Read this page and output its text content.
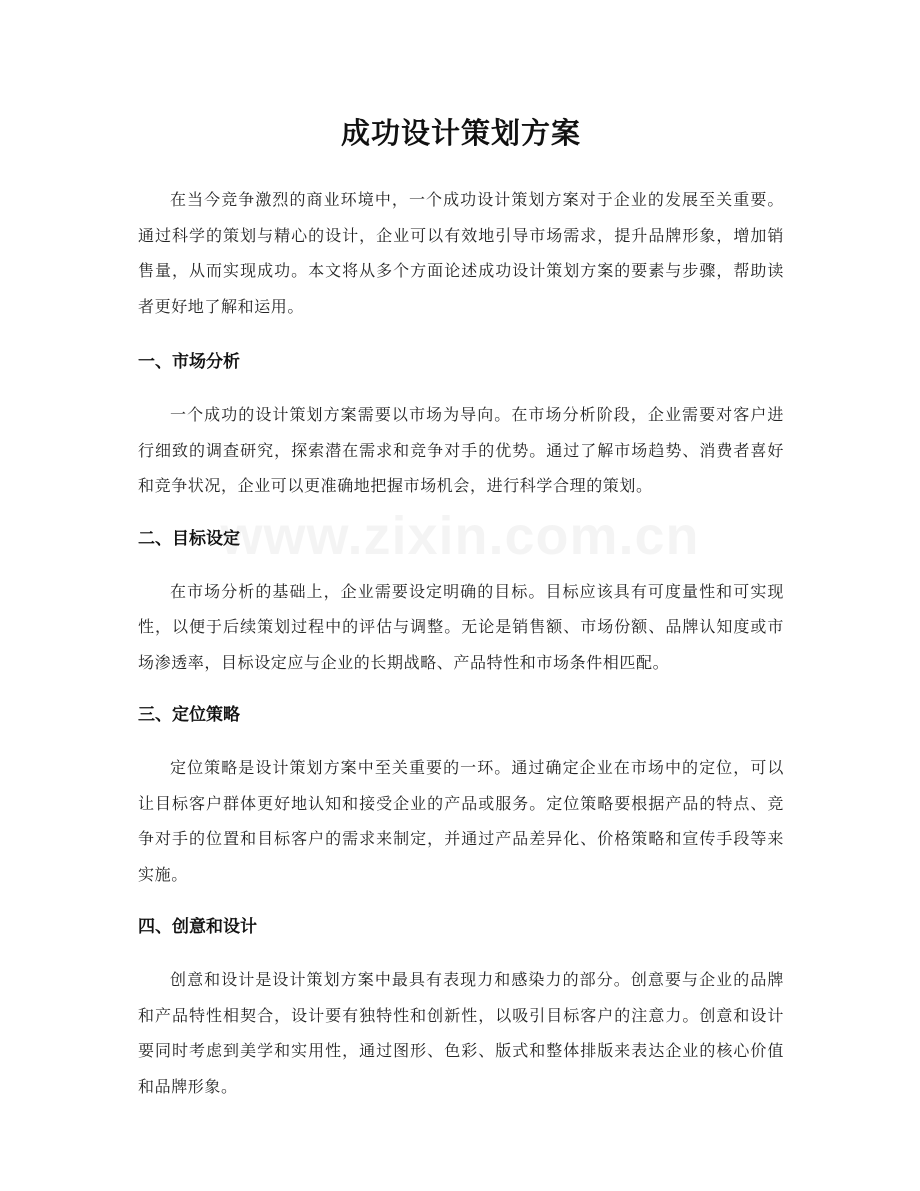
成功设计策划方案

在当今竞争激烈的商业环境中，一个成功设计策划方案对于企业的发展至关重要。通过科学的策划与精心的设计，企业可以有效地引导市场需求，提升品牌形象，增加销售量，从而实现成功。本文将从多个方面论述成功设计策划方案的要素与步骤，帮助读者更好地了解和运用。

一、市场分析

一个成功的设计策划方案需要以市场为导向。在市场分析阶段，企业需要对客户进行细致的调查研究，探索潜在需求和竞争对手的优势。通过了解市场趋势、消费者喜好和竞争状况，企业可以更准确地把握市场机会，进行科学合理的策划。

二、目标设定

在市场分析的基础上，企业需要设定明确的目标。目标应该具有可度量性和可实现性，以便于后续策划过程中的评估与调整。无论是销售额、市场份额、品牌认知度或市场渗透率，目标设定应与企业的长期战略、产品特性和市场条件相匹配。

三、定位策略

定位策略是设计策划方案中至关重要的一环。通过确定企业在市场中的定位，可以让目标客户群体更好地认知和接受企业的产品或服务。定位策略要根据产品的特点、竞争对手的位置和目标客户的需求来制定，并通过产品差异化、价格策略和宣传手段等来实施。

四、创意和设计

创意和设计是设计策划方案中最具有表现力和感染力的部分。创意要与企业的品牌和产品特性相契合，设计要有独特性和创新性，以吸引目标客户的注意力。创意和设计要同时考虑到美学和实用性，通过图形、色彩、版式和整体排版来表达企业的核心价值和品牌形象。
